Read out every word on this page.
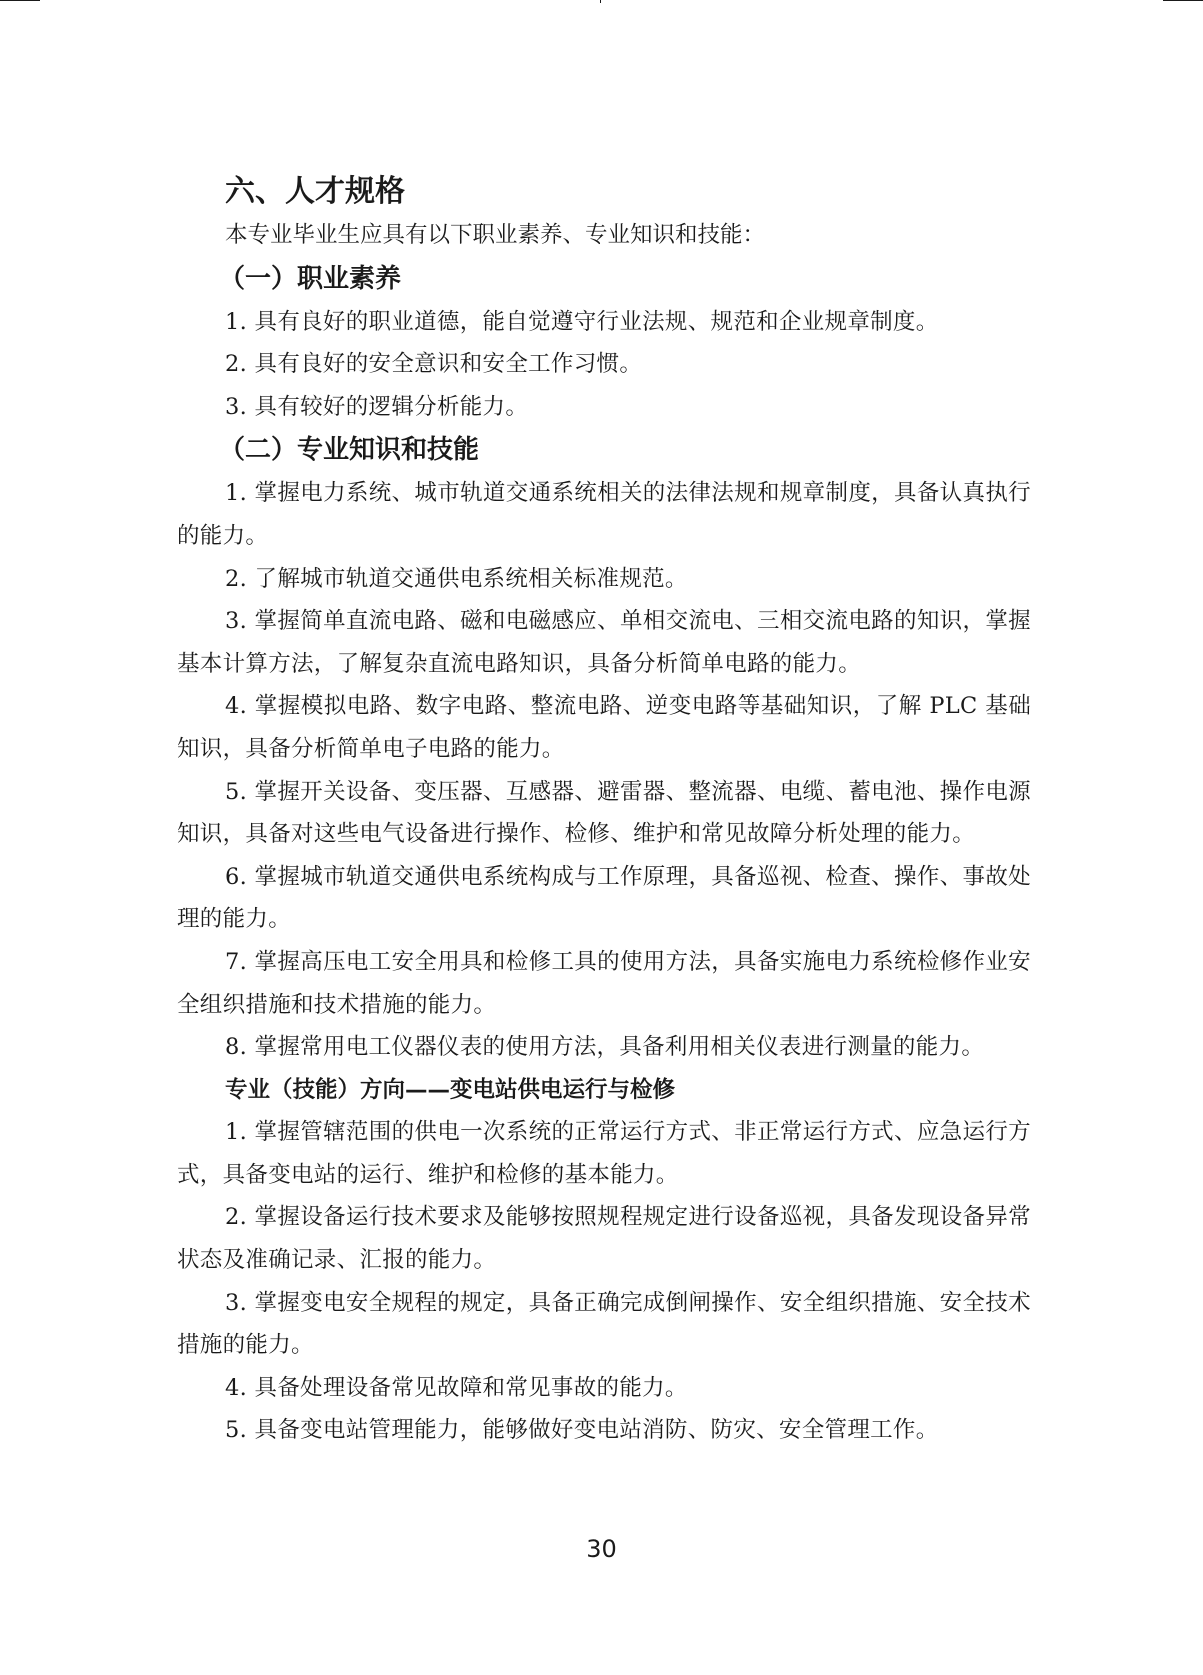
六、人才规格

本专业毕业生应具有以下职业素养、专业知识和技能：

（一）职业素养

1. 具有良好的职业道德，能自觉遵守行业法规、规范和企业规章制度。

2. 具有良好的安全意识和安全工作习惯。

3. 具有较好的逻辑分析能力。

（二）专业知识和技能

1. 掌握电力系统、城市轨道交通系统相关的法律法规和规章制度，具备认真执行的能力。

2. 了解城市轨道交通供电系统相关标准规范。

3. 掌握简单直流电路、磁和电磁感应、单相交流电、三相交流电路的知识，掌握基本计算方法，了解复杂直流电路知识，具备分析简单电路的能力。

4. 掌握模拟电路、数字电路、整流电路、逆变电路等基础知识，了解 PLC 基础知识，具备分析简单电子电路的能力。

5. 掌握开关设备、变压器、互感器、避雷器、整流器、电缆、蓄电池、操作电源知识，具备对这些电气设备进行操作、检修、维护和常见故障分析处理的能力。

6. 掌握城市轨道交通供电系统构成与工作原理，具备巡视、检查、操作、事故处理的能力。

7. 掌握高压电工安全用具和检修工具的使用方法，具备实施电力系统检修作业安全组织措施和技术措施的能力。

8. 掌握常用电工仪器仪表的使用方法，具备利用相关仪表进行测量的能力。

专业（技能）方向——变电站供电运行与检修

1. 掌握管辖范围的供电一次系统的正常运行方式、非正常运行方式、应急运行方式，具备变电站的运行、维护和检修的基本能力。

2. 掌握设备运行技术要求及能够按照规程规定进行设备巡视，具备发现设备异常状态及准确记录、汇报的能力。

3. 掌握变电安全规程的规定，具备正确完成倒闸操作、安全组织措施、安全技术措施的能力。

4. 具备处理设备常见故障和常见事故的能力。

5. 具备变电站管理能力，能够做好变电站消防、防灾、安全管理工作。

30
